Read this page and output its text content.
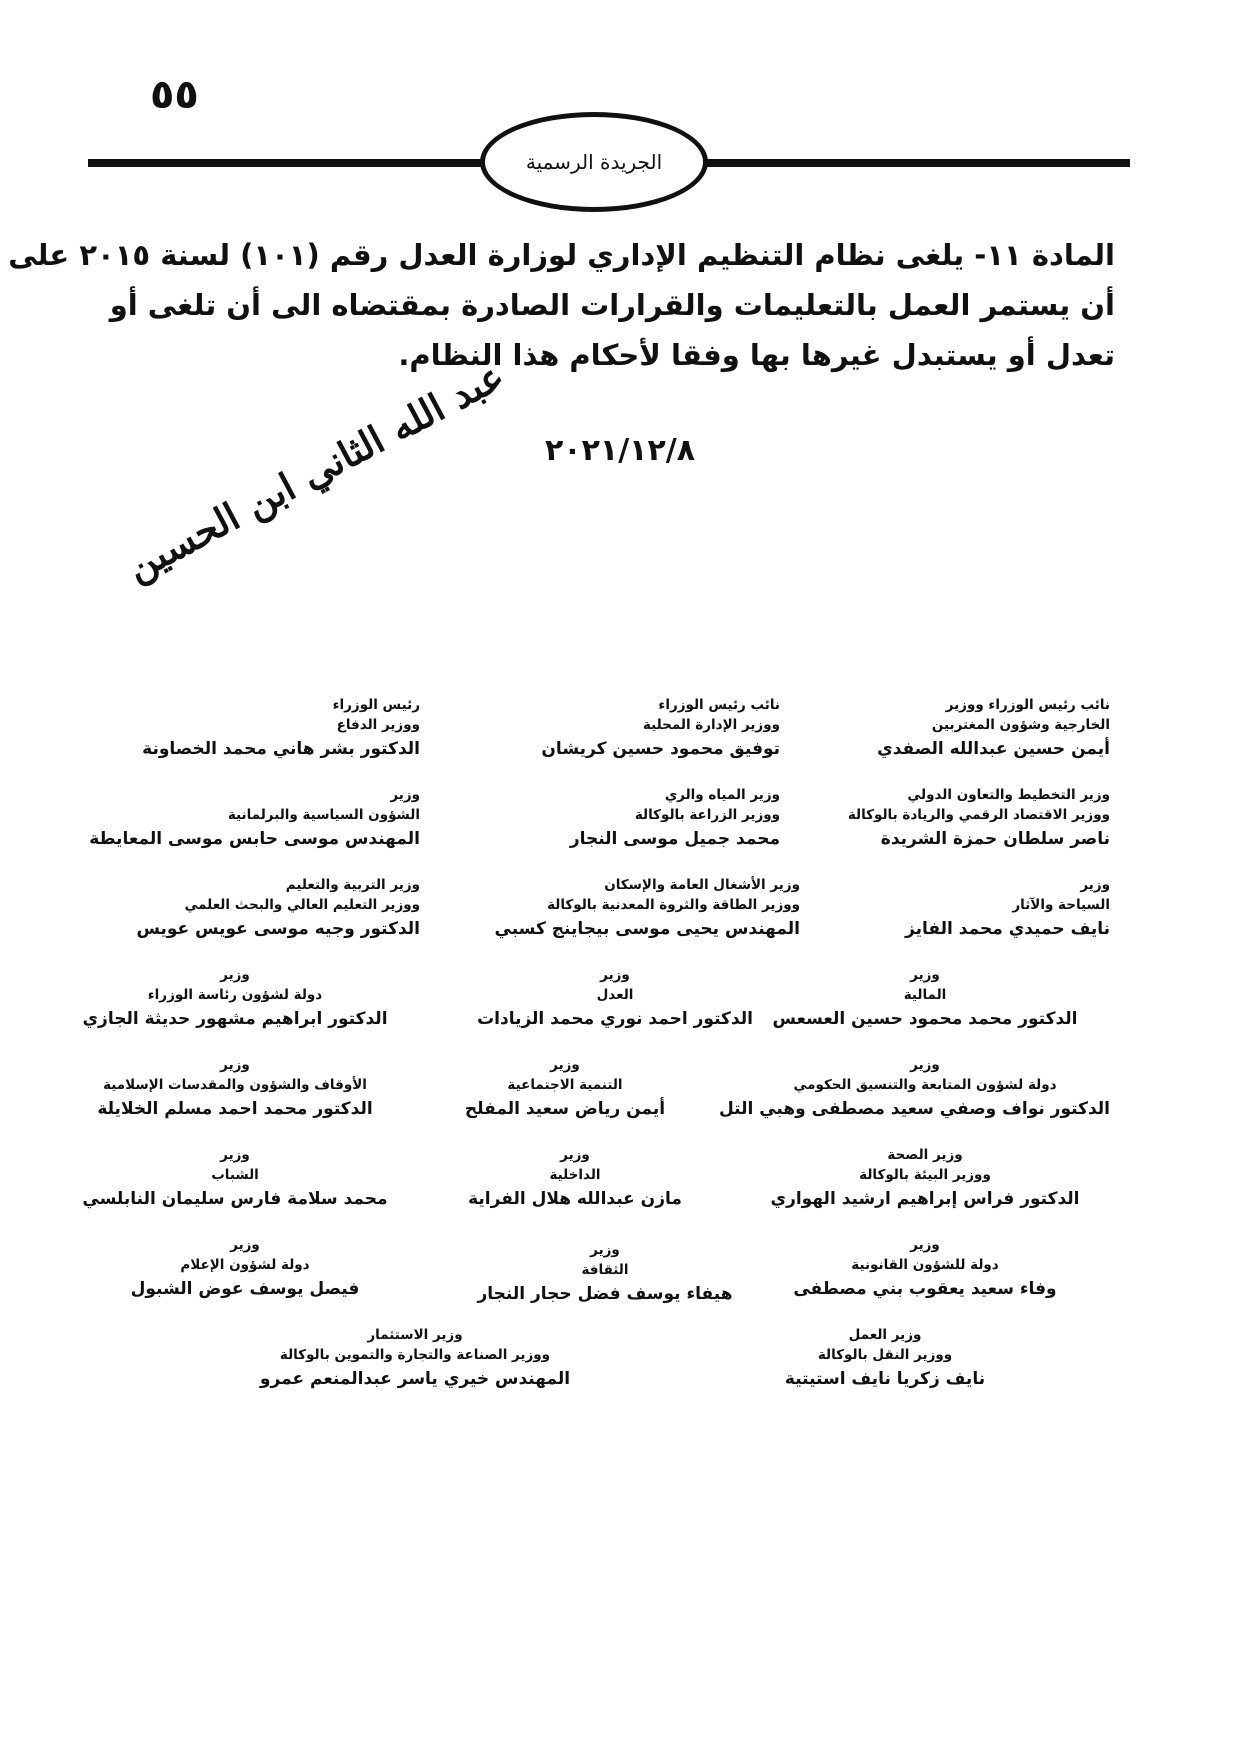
٥٥
الجريدة الرسمية
المادة ١١- يلغى نظام التنظيم الإداري لوزارة العدل رقم (١٠١) لسنة ٢٠١٥ على
أن يستمر العمل بالتعليمات والقرارات الصادرة بمقتضاه الى أن تلغى أو
تعدل أو يستبدل غيرها بها وفقا لأحكام هذا النظام.
٢٠٢١/١٢/٨
عبد الله الثاني ابن الحسين
نائب رئيس الوزراء ووزير
الخارجية وشؤون المغتربين
أيمن حسين عبدالله الصفدي
نائب رئيس الوزراء
ووزير الإدارة المحلية
توفيق محمود حسين كريشان
رئيس الوزراء
ووزير الدفاع
الدكتور بشر هاني محمد الخصاونة
وزير التخطيط والتعاون الدولي
ووزير الاقتصاد الرقمي والريادة بالوكالة
ناصر سلطان حمزة الشريدة
وزير المياه والري
ووزير الزراعة بالوكالة
محمد جميل موسى النجار
وزير
الشؤون السياسية والبرلمانية
المهندس موسى حابس موسى المعايطة
وزير
السياحة والآثار
نايف حميدي محمد الفايز
وزير الأشغال العامة والإسكان
ووزير الطاقة والثروة المعدنية بالوكالة
المهندس يحيى موسى بيجاينج كسبي
وزير التربية والتعليم
ووزير التعليم العالي والبحث العلمي
الدكتور وجيه موسى عويس عويس
وزير
المالية
الدكتور محمد محمود حسين العسعس
وزير
العدل
الدكتور احمد نوري محمد الزيادات
وزير
دولة لشؤون رئاسة الوزراء
الدكتور ابراهيم مشهور حديثة الجازي
وزير
دولة لشؤون المتابعة والتنسيق الحكومي
الدكتور نواف وصفي سعيد مصطفى وهبي التل
وزير
التنمية الاجتماعية
أيمن رياض سعيد المفلح
وزير
الأوقاف والشؤون والمقدسات الإسلامية
الدكتور محمد احمد مسلم الخلايلة
وزير الصحة
ووزير البيئة بالوكالة
الدكتور فراس إبراهيم ارشيد الهواري
وزير
الداخلية
مازن عبدالله هلال الفراية
وزير
الشباب
محمد سلامة فارس سليمان النابلسي
وزير
دولة للشؤون القانونية
وفاء سعيد يعقوب بني مصطفى
وزير
الثقافة
هيفاء يوسف فضل حجار النجار
وزير
دولة لشؤون الإعلام
فيصل يوسف عوض الشبول
وزير العمل
ووزير النقل بالوكالة
نايف زكريا نايف استيتية
وزير الاستثمار
ووزير الصناعة والتجارة والتموين بالوكالة
المهندس خيري ياسر عبدالمنعم عمرو
